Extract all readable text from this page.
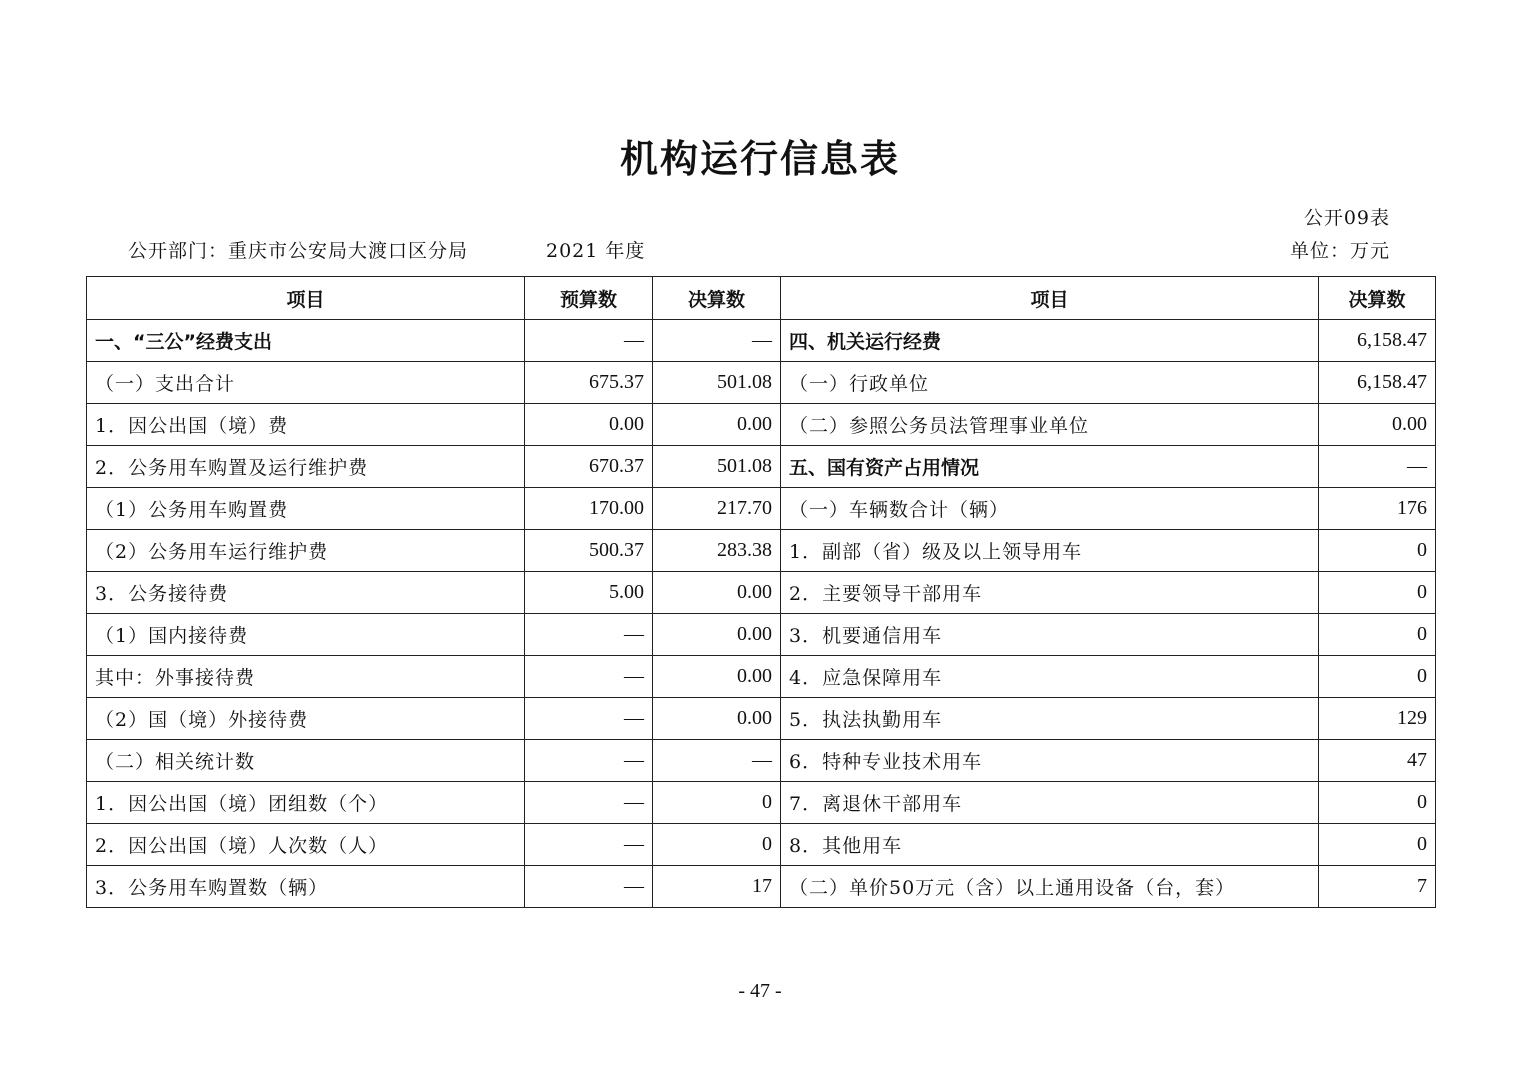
机构运行信息表
公开09表
公开部门：重庆市公安局大渡口区分局	2021 年度	单位：万元
项目	预算数	决算数	项目	决算数
一、“三公”经费支出	—	—	四、机关运行经费	6,158.47
（一）支出合计	675.37	501.08	（一）行政单位	6,158.47
1．因公出国（境）费	0.00	0.00	（二）参照公务员法管理事业单位	0.00
2．公务用车购置及运行维护费	670.37	501.08	五、国有资产占用情况	—
（1）公务用车购置费	170.00	217.70	（一）车辆数合计（辆）	176
（2）公务用车运行维护费	500.37	283.38	1．副部（省）级及以上领导用车	0
3．公务接待费	5.00	0.00	2．主要领导干部用车	0
（1）国内接待费	—	0.00	3．机要通信用车	0
其中：外事接待费	—	0.00	4．应急保障用车	0
（2）国（境）外接待费	—	0.00	5．执法执勤用车	129
（二）相关统计数	—	—	6．特种专业技术用车	47
1．因公出国（境）团组数（个）	—	0	7．离退休干部用车	0
2．因公出国（境）人次数（人）	—	0	8．其他用车	0
3．公务用车购置数（辆）	—	17	（二）单价50万元（含）以上通用设备（台，套）	7
- 47 -
